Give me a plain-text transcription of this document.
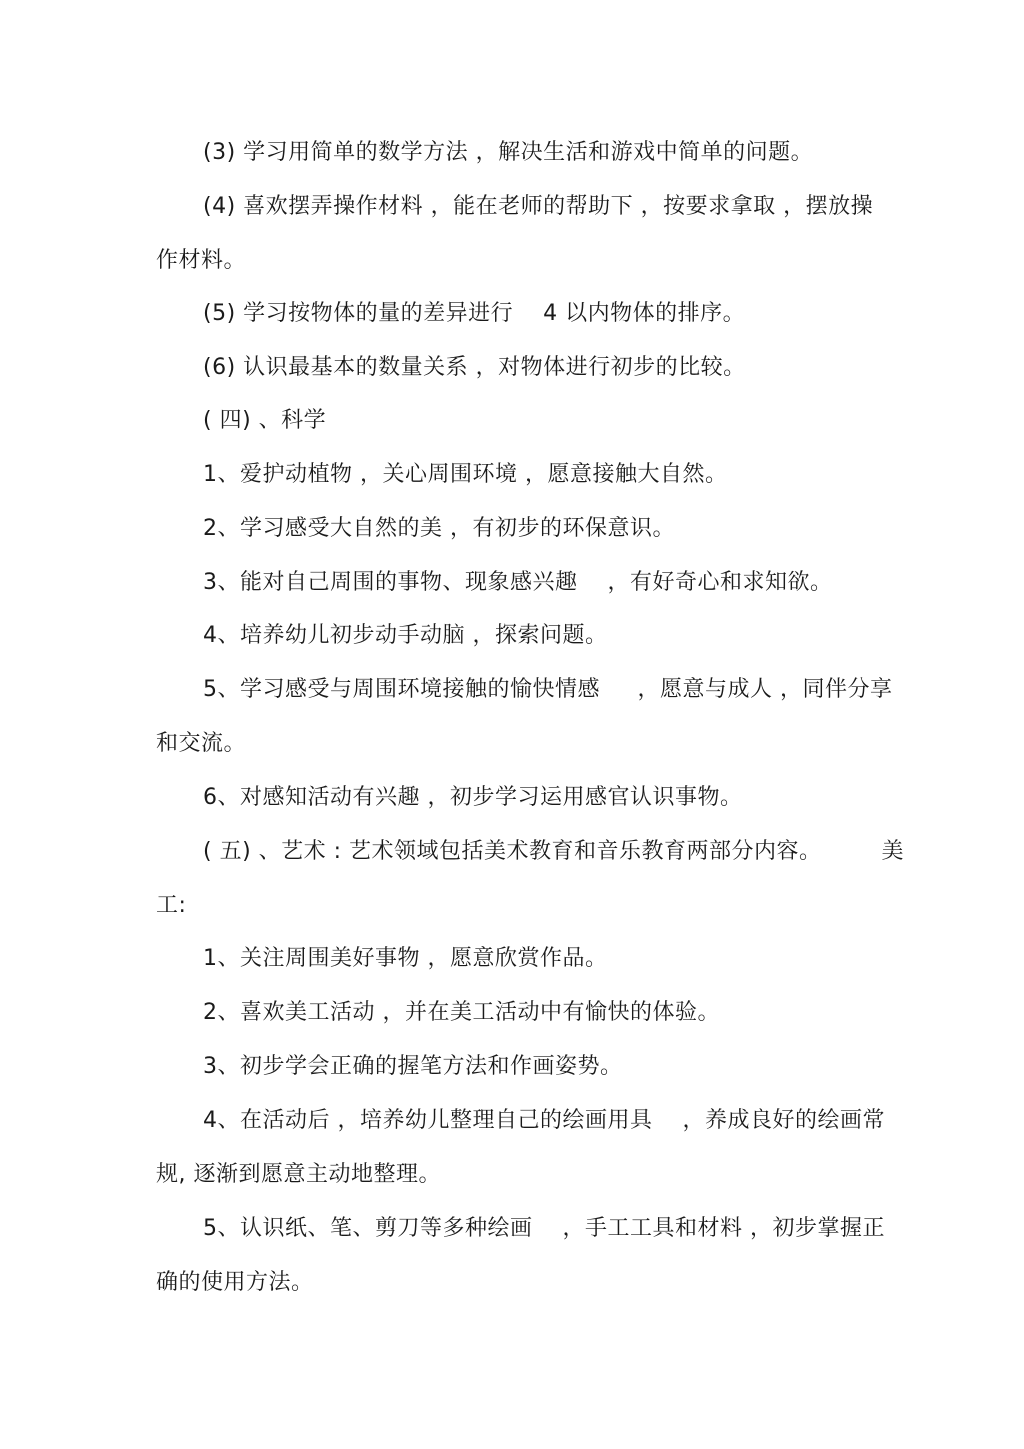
(3) 学习用简单的数学方法 ，解决生活和游戏中简单的问题。
(4) 喜欢摆弄操作材料 ，能在老师的帮助下 ，按要求拿取 ，摆放操
作材料。
(5) 学习按物体的量的差异进行    4 以内物体的排序。
(6) 认识最基本的数量关系 ，对物体进行初步的比较。
( 四) 、科学
1、爱护动植物 ，关心周围环境 ，愿意接触大自然。
2、学习感受大自然的美 ，有初步的环保意识。
3、能对自己周围的事物、现象感兴趣    ，有好奇心和求知欲。
4、培养幼儿初步动手动脑 ，探索问题。
5、学习感受与周围环境接触的愉快情感     ，愿意与成人 ，同伴分享
和交流。
6、对感知活动有兴趣 ，初步学习运用感官认识事物。
( 五) 、艺术 : 艺术领域包括美术教育和音乐教育两部分内容。        美
工:
1、关注周围美好事物 ，愿意欣赏作品。
2、喜欢美工活动 ，并在美工活动中有愉快的体验。
3、初步学会正确的握笔方法和作画姿势。
4、在活动后 ，培养幼儿整理自己的绘画用具    ，养成良好的绘画常
规, 逐渐到愿意主动地整理。
5、认识纸、笔、剪刀等多种绘画    ，手工工具和材料 ，初步掌握正
确的使用方法。
